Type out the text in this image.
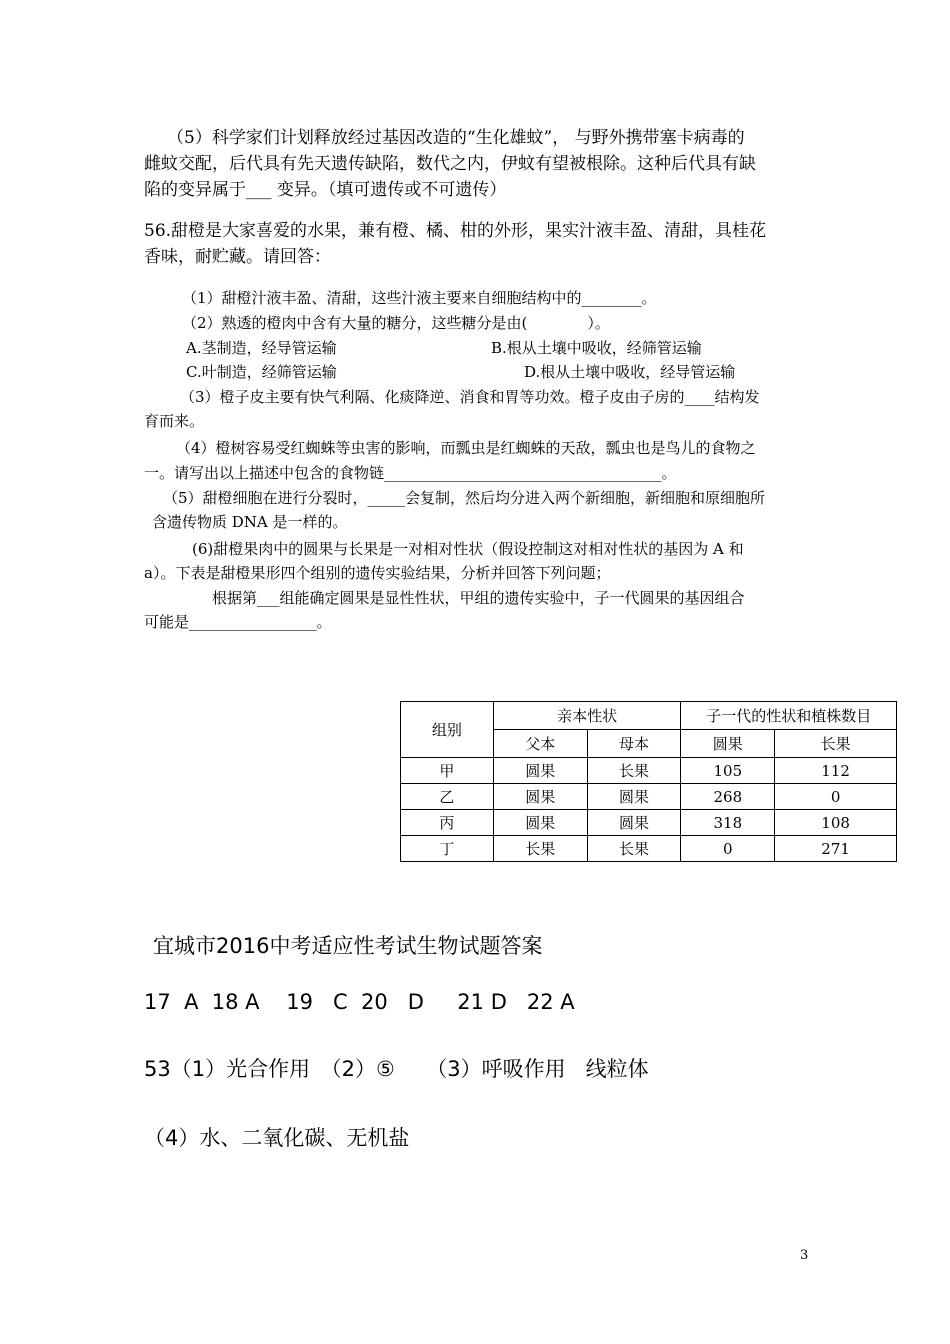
（5）科学家们计划释放经过基因改造的“生化雄蚊”， 与野外携带塞卡病毒的

雌蚊交配，后代具有先天遗传缺陷，数代之内，伊蚊有望被根除。这种后代具有缺

陷的变异属于___ 变异。（填可遗传或不可遗传）

56.甜橙是大家喜爱的水果，兼有橙、橘、柑的外形，果实汁液丰盈、清甜，具桂花

香味，耐贮藏。请回答：

（1）甜橙汁液丰盈、清甜，这些汁液主要来自细胞结构中的________。

（2）熟透的橙肉中含有大量的糖分，这些糖分是由(　　　　）。

A.茎制造，经导管运输	B.根从土壤中吸收，经筛管运输

C.叶制造，经筛管运输	D.根从土壤中吸收，经导管运输

（3）橙子皮主要有快气利隔、化痰降逆、消食和胃等功效。橙子皮由子房的____结构发

育而来。

（4）橙树容易受红蜘蛛等虫害的影响，而瓢虫是红蜘蛛的天敌，瓢虫也是鸟儿的食物之

一。请写出以上描述中包含的食物链_____________________________________。

（5）甜橙细胞在进行分裂时，_____会复制，然后均分进入两个新细胞，新细胞和原细胞所

含遗传物质 DNA 是一样的。

(6)甜橙果肉中的圆果与长果是一对相对性状（假设控制这对相对性状的基因为 A 和

a）。下表是甜橙果形四个组别的遗传实验结果，分析并回答下列问题；

根据第___组能确定圆果是显性性状，甲组的遗传实验中，子一代圆果的基因组合

可能是_________________。

组别	亲本性状		子一代的性状和植株数目	
	父本	母本	圆果	长果
甲	圆果	长果	105	112
乙	圆果	圆果	268	0
丙	圆果	圆果	318	108
丁	长果	长果	0	271

宜城市2016中考适应性考试生物试题答案

17  A  18 A    19   C  20   D     21 D   22 A

53（1）光合作用　（2）⑤　　（3）呼吸作用   线粒体

（4）水、二氧化碳、无机盐

3
